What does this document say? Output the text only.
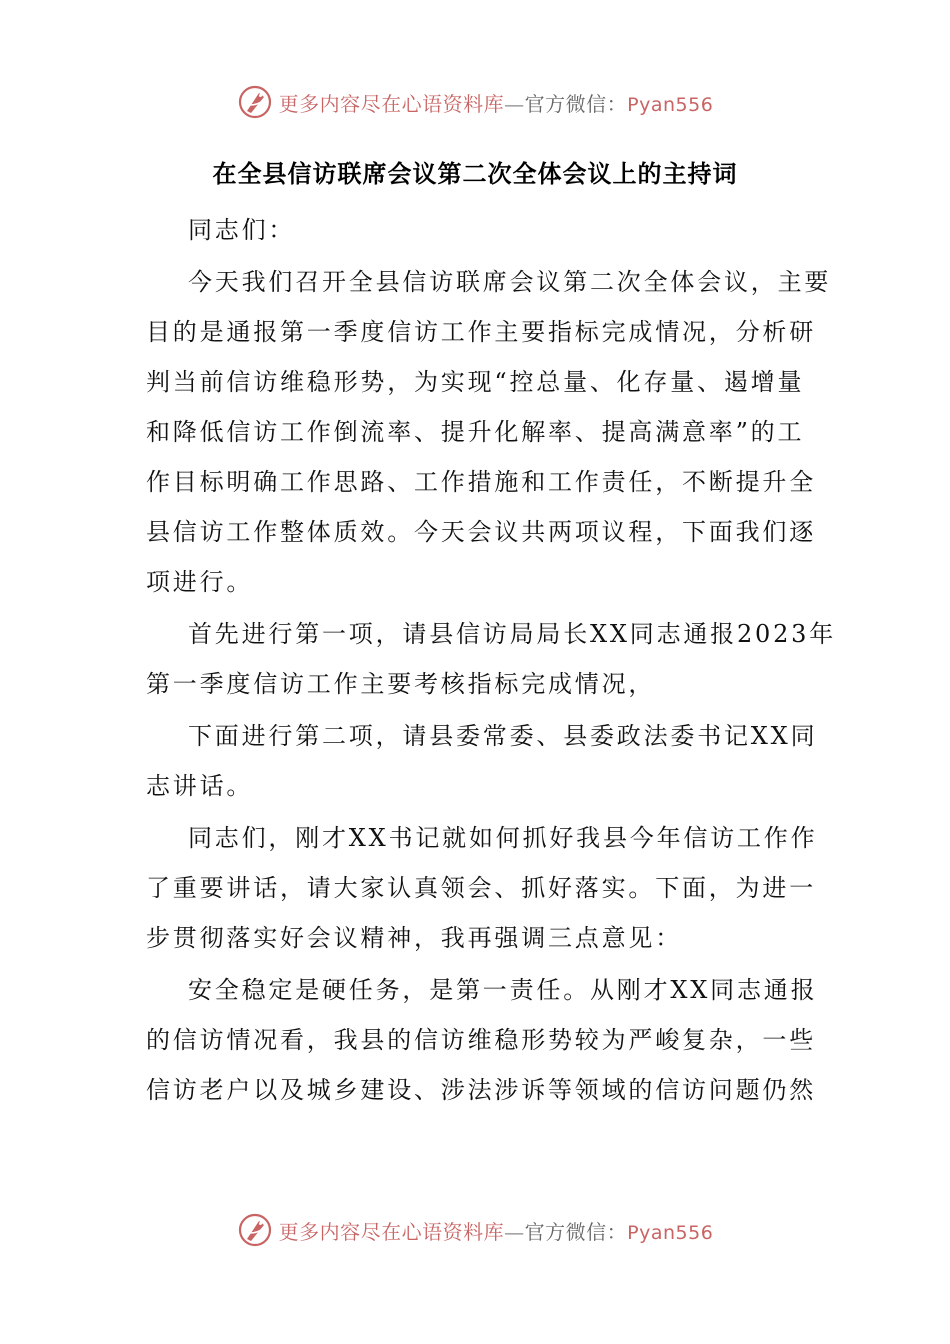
更多内容尽在心语资料库—官方微信：Pyan556
在全县信访联席会议第二次全体会议上的主持词
同志们：
今天我们召开全县信访联席会议第二次全体会议，主要
目的是通报第一季度信访工作主要指标完成情况，分析研
判当前信访维稳形势，为实现“控总量、化存量、遏增量
和降低信访工作倒流率、提升化解率、提高满意率”的工
作目标明确工作思路、工作措施和工作责任，不断提升全
县信访工作整体质效。今天会议共两项议程，下面我们逐
项进行。
首先进行第一项，请县信访局局长XX同志通报2023年
第一季度信访工作主要考核指标完成情况，
下面进行第二项，请县委常委、县委政法委书记XX同
志讲话。
同志们，刚才XX书记就如何抓好我县今年信访工作作
了重要讲话，请大家认真领会、抓好落实。下面，为进一
步贯彻落实好会议精神，我再强调三点意见：
安全稳定是硬任务，是第一责任。从刚才XX同志通报
的信访情况看，我县的信访维稳形势较为严峻复杂，一些
信访老户以及城乡建设、涉法涉诉等领域的信访问题仍然
更多内容尽在心语资料库—官方微信：Pyan556
